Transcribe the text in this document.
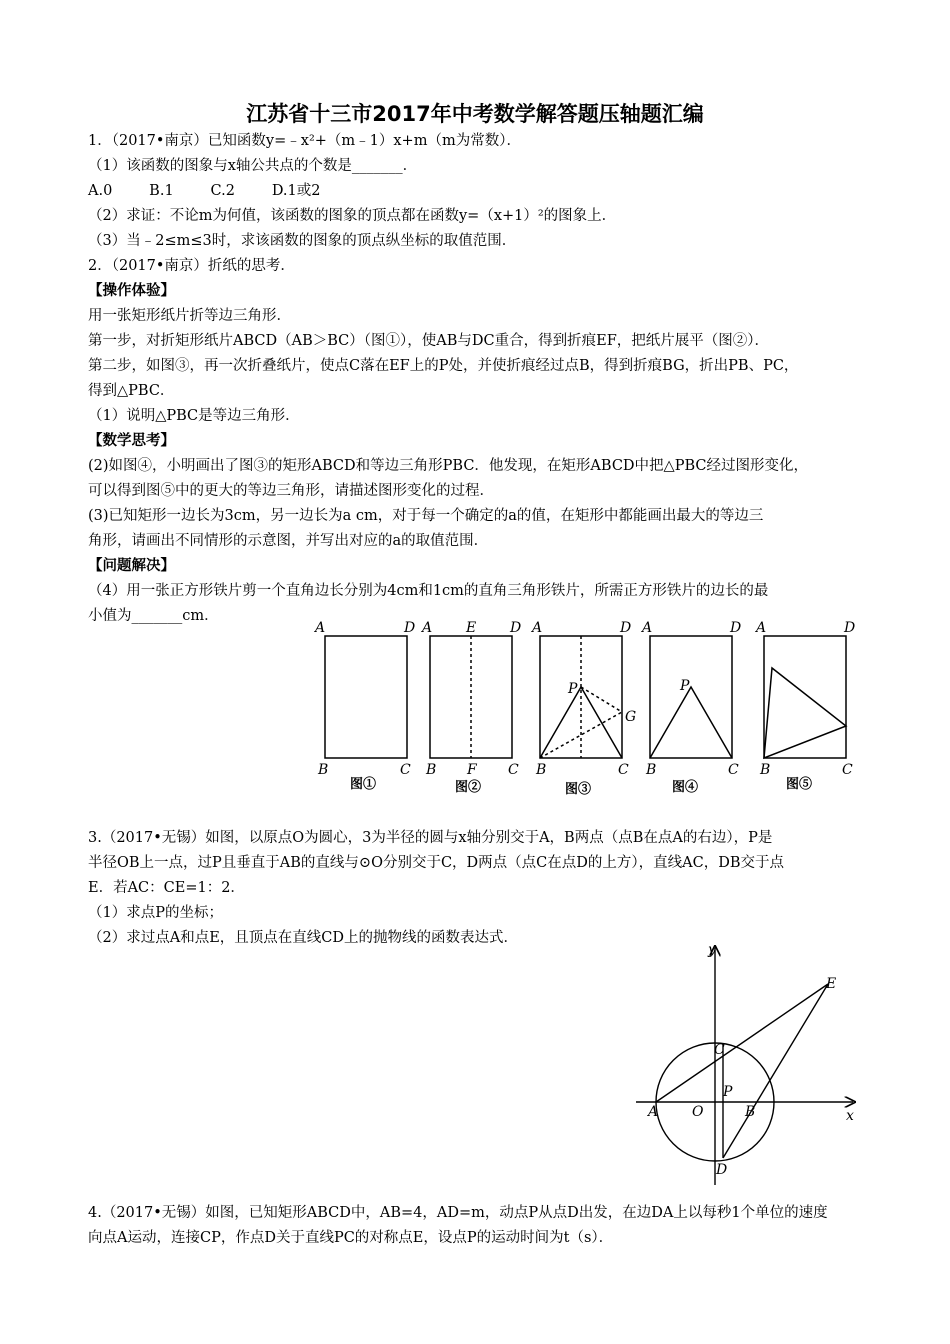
江苏省十三市2017年中考数学解答题压轴题汇编
1．（2017•南京）已知函数y=﹣x²+（m﹣1）x+m（m为常数）．
（1）该函数的图象与x轴公共点的个数是_______．
A.0        B.1        C.2        D.1或2
（2）求证：不论m为何值，该函数的图象的顶点都在函数y=（x+1）²的图象上．
（3）当﹣2≤m≤3时，求该函数的图象的顶点纵坐标的取值范围．
2．（2017•南京）折纸的思考．
【操作体验】
用一张矩形纸片折等边三角形．
第一步，对折矩形纸片ABCD（AB＞BC）（图①），使AB与DC重合，得到折痕EF，把纸片展平（图②）．
第二步，如图③，再一次折叠纸片，使点C落在EF上的P处，并使折痕经过点B，得到折痕BG，折出PB、PC，
得到△PBC．
（1）说明△PBC是等边三角形．
【数学思考】
(2)如图④，小明画出了图③的矩形ABCD和等边三角形PBC．他发现，在矩形ABCD中把△PBC经过图形变化，
可以得到图⑤中的更大的等边三角形，请描述图形变化的过程．
(3)已知矩形一边长为3cm，另一边长为a cm，对于每一个确定的a的值，在矩形中都能画出最大的等边三
角形，请画出不同情形的示意图，并写出对应的a的取值范围．
【问题解决】
（4）用一张正方形铁片剪一个直角边长分别为4cm和1cm的直角三角形铁片，所需正方形铁片的边长的最
小值为_______cm．
A	D
B	C
A E D
B F C
A	D
P
G
B	C
A	D
P
B	C
A	D
B	C
图①	图②	图③	图④	图⑤
3.（2017•无锡）如图，以原点O为圆心，3为半径的圆与x轴分别交于A，B两点（点B在点A的右边），P是
半径OB上一点，过P且垂直于AB的直线与⊙O分别交于C，D两点（点C在点D的上方），直线AC，DB交于点
E．若AC：CE=1：2．
（1）求点P的坐标；
（2）求过点A和点E，且顶点在直线CD上的抛物线的函数表达式．
y
x
E
C
P
A O	B
D
4.（2017•无锡）如图，已知矩形ABCD中，AB=4，AD=m，动点P从点D出发，在边DA上以每秒1个单位的速度
向点A运动，连接CP，作点D关于直线PC的对称点E，设点P的运动时间为t（s）．
